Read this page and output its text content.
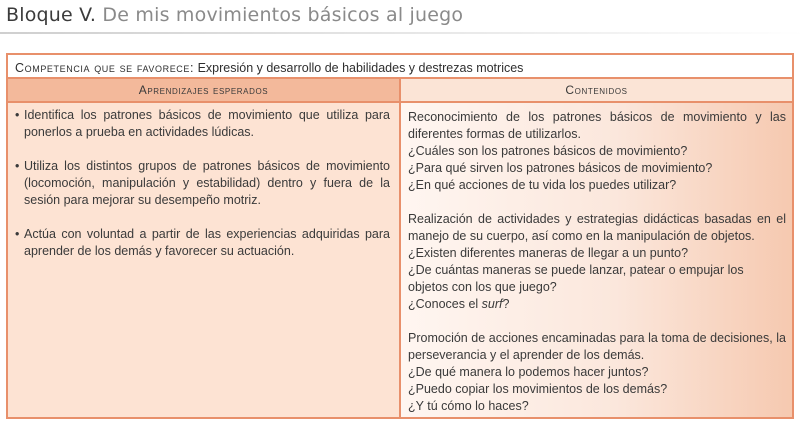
Bloque V. De mis movimientos básicos al juego
Competencia que se favorece: Expresión y desarrollo de habilidades y destrezas motrices
Aprendizajes esperados	Contenidos
• Identifica los patrones básicos de movimiento que utiliza para ponerlos a prueba en actividades lúdicas.
• Utiliza los distintos grupos de patrones básicos de movimiento (locomoción, manipulación y estabilidad) dentro y fuera de la sesión para mejorar su desempeño motriz.
• Actúa con voluntad a partir de las experiencias adquiridas para aprender de los demás y favorecer su actuación.
Reconocimiento de los patrones básicos de movimiento y las diferentes formas de utilizarlos.
¿Cuáles son los patrones básicos de movimiento?
¿Para qué sirven los patrones básicos de movimiento?
¿En qué acciones de tu vida los puedes utilizar?
Realización de actividades y estrategias didácticas basadas en el manejo de su cuerpo, así como en la manipulación de objetos.
¿Existen diferentes maneras de llegar a un punto?
¿De cuántas maneras se puede lanzar, patear o empujar los objetos con los que juego?
¿Conoces el surf?
Promoción de acciones encaminadas para la toma de decisiones, la perseverancia y el aprender de los demás.
¿De qué manera lo podemos hacer juntos?
¿Puedo copiar los movimientos de los demás?
¿Y tú cómo lo haces?
